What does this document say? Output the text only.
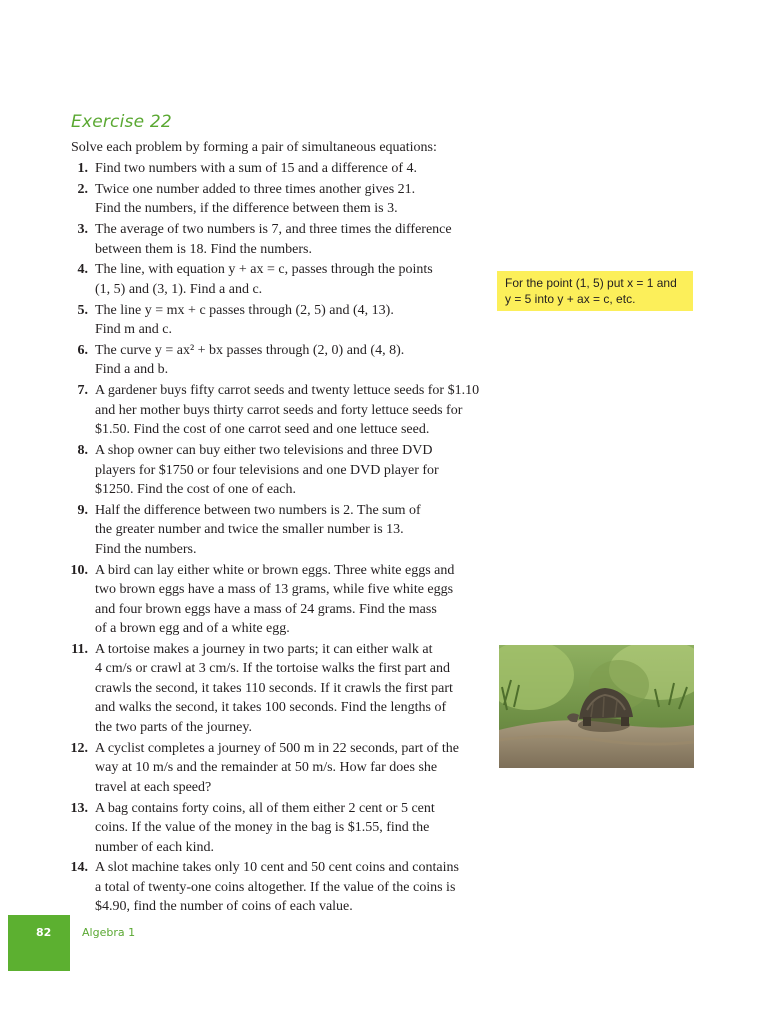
Exercise 22
Solve each problem by forming a pair of simultaneous equations:
1. Find two numbers with a sum of 15 and a difference of 4.
2. Twice one number added to three times another gives 21.
Find the numbers, if the difference between them is 3.
3. The average of two numbers is 7, and three times the difference
between them is 18. Find the numbers.
4. The line, with equation y + ax = c, passes through the points
(1, 5) and (3, 1). Find a and c.
5. The line y = mx + c passes through (2, 5) and (4, 13).
Find m and c.
6. The curve y = ax² + bx passes through (2, 0) and (4, 8).
Find a and b.
7. A gardener buys fifty carrot seeds and twenty lettuce seeds for $1.10
and her mother buys thirty carrot seeds and forty lettuce seeds for
$1.50. Find the cost of one carrot seed and one lettuce seed.
8. A shop owner can buy either two televisions and three DVD
players for $1750 or four televisions and one DVD player for
$1250. Find the cost of one of each.
9. Half the difference between two numbers is 2. The sum of
the greater number and twice the smaller number is 13.
Find the numbers.
10. A bird can lay either white or brown eggs. Three white eggs and
two brown eggs have a mass of 13 grams, while five white eggs
and four brown eggs have a mass of 24 grams. Find the mass
of a brown egg and of a white egg.
11. A tortoise makes a journey in two parts; it can either walk at
4 cm/s or crawl at 3 cm/s. If the tortoise walks the first part and
crawls the second, it takes 110 seconds. If it crawls the first part
and walks the second, it takes 100 seconds. Find the lengths of
the two parts of the journey.
12. A cyclist completes a journey of 500 m in 22 seconds, part of the
way at 10 m/s and the remainder at 50 m/s. How far does she
travel at each speed?
13. A bag contains forty coins, all of them either 2 cent or 5 cent
coins. If the value of the money in the bag is $1.55, find the
number of each kind.
14. A slot machine takes only 10 cent and 50 cent coins and contains
a total of twenty-one coins altogether. If the value of the coins is
$4.90, find the number of coins of each value.
For the point (1, 5) put x = 1 and y = 5 into y + ax = c, etc.
82	Algebra 1
